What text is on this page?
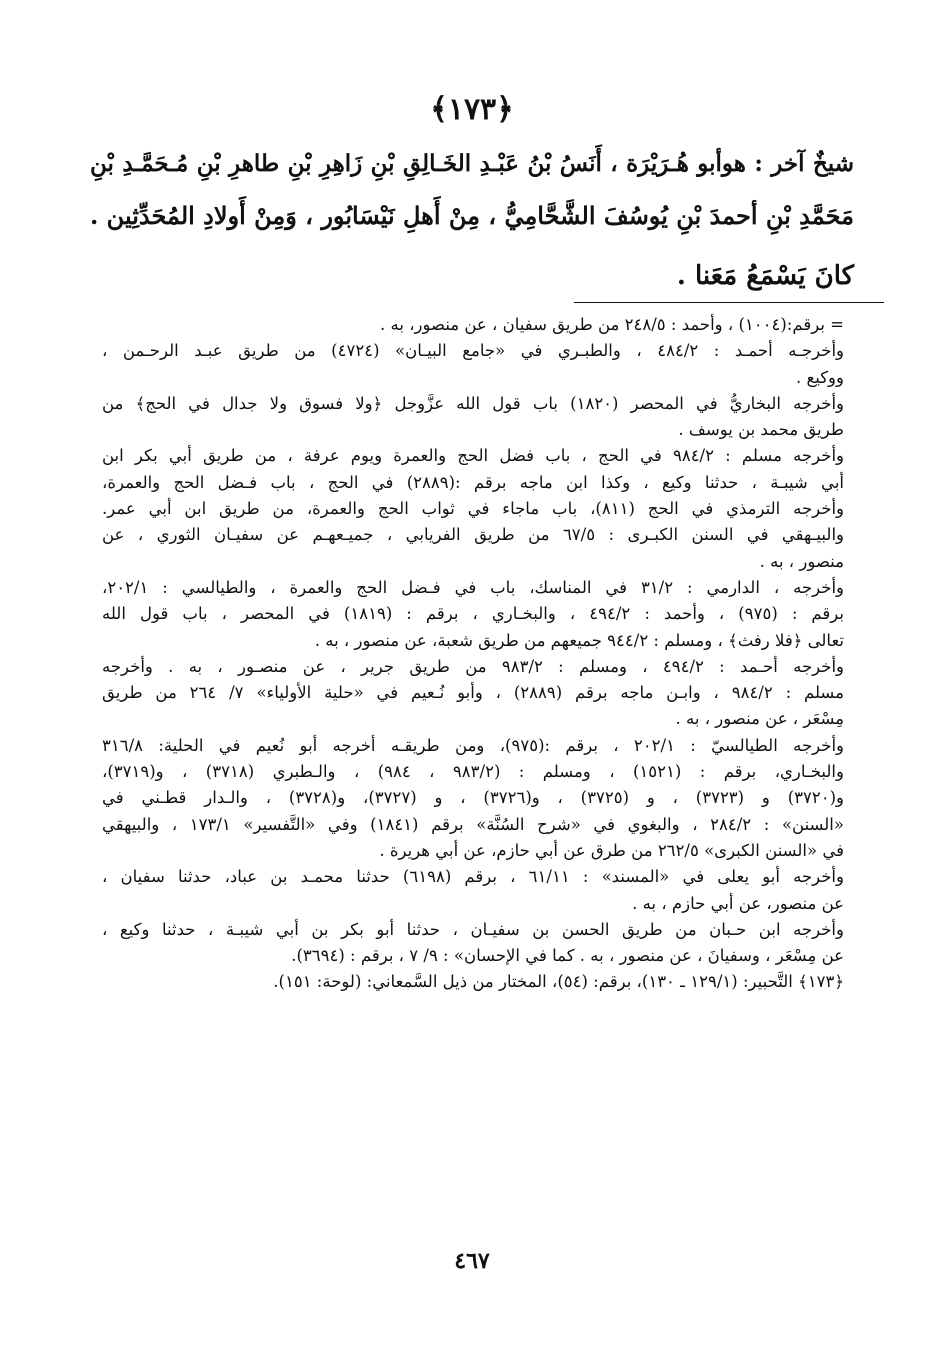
﴿١٧٣﴾
شيخٌ آخر : هوأبو هُـرَيْرَة ، أَنَسُ بْنُ عَبْـدِ الخَـالِقِ بْنِ زَاهِرِ بْنِ طاهرِ بْنِ مُـحَمَّـدِ بْنِ
مَحَمَّدِ بْنِ أحمدَ بْنِ يُوسُفَ الشَّحَّامِيُّ ، مِنْ أَهلِ نَيْسَابُور ، وَمِنْ أَولادِ المُحَدِّثِين .
كانَ يَسْمَعُ مَعَنا .
= برقم:(١٠٠٤) ، وأحمد : ٢٤٨/٥ من طريق سفيان ، عن منصور، به .
وأخرجـه أحمـد : ٤٨٤/٢ ، والطبـري في «جامع البيـان» (٤٧٢٤) من طريق عبـد الرحـمن ،
ووكيع .
وأخرجه البخاريُّ في المحصر (١٨٢٠) باب قول الله عزَّوجل ﴿ولا فسوق ولا جدال في الحج﴾ من
طريق محمد بن يوسف .
وأخرجه مسلم : ٩٨٤/٢ في الحج ، باب فضل الحج والعمرة ويوم عرفة ، من طريق أبي بكر ابن
أبي شيبـة ، حدثنا وكيع ، وكذا ابن ماجه برقم :(٢٨٨٩) في الحج ، باب فـضل الحج والعمرة،
وأخرجه الترمذي في الحج (٨١١)، باب ماجاء في ثواب الحج والعمرة، من طريق ابن أبي عمر.
والبيـهقي في السنن الكبـرى : ٦٧/٥ من طريق الفريابي ، جميـعهـم عن سفيـان الثوري ، عن
منصور ، به .
وأخرجه ، الدارمي : ٣١/٢ في المناسك، باب في فـضل الحج والعمرة ، والطيالسي : ٢٠٢/١،
برقم : (٩٧٥) ، وأحمد : ٤٩٤/٢ ، والبخـاري ، برقم : (١٨١٩) في المحصر ، باب قول الله
تعالى ﴿فلا رفث﴾ ، ومسلم : ٩٤٤/٢ جميعهم من طريق شعبة، عن منصور ، به .
وأخرجه أحـمد : ٤٩٤/٢ ، ومسلم : ٩٨٣/٢ من طريق جرير ، عن منصـور ، به . وأخرجه
مسلم : ٩٨٤/٢ ، وابـن ماجه برقم (٢٨٨٩) ، وأبو نُـعيم في «حلية الأولياء» ٧/ ٢٦٤ من طريق
مِسْعَر ، عن منصور ، به .
وأخرجه الطيالسيّ : ٢٠٢/١ ، برقم :(٩٧٥)، ومن طريقـه أخرجه أبو نُعيم في الحلية: ٣١٦/٨
والبخـاري، برقم : (١٥٢١) ، ومسلم : (٩٨٣/٢ ، ٩٨٤) ، والـطبري (٣٧١٨) ، و(٣٧١٩)،
و(٣٧٢٠) و (٣٧٢٣) ، و (٣٧٢٥) ، و(٣٧٢٦) ، و (٣٧٢٧)، و(٣٧٢٨) ، والـدار قطـني في
«السنن» : ٢٨٤/٢ ، والبغوي في «شرح السُنَّة» برقم (١٨٤١) وفي «التَّفسير» ١٧٣/١ ، والبيهقي
في «السنن الكبرى» ٢٦٢/٥ من طرق عن أبي حازم، عن أبي هريرة .
وأخرجه أبو يعلى في «المسند» : ٦١/١١ ، برقم (٦١٩٨) حدثنا محمـد بن عباد، حدثنا سفيان ،
عن منصور، عن أبي حازم ، به .
وأخرجه ابن حـبان من طريق الحسن بن سفيـان ، حدثنا أبو بكر بن أبي شيبـة ، حدثنا وكيع ،
عن مِسْعَر ، وسفيانَ ، عن منصور ، به . كما في الإحسان» : ٩/ ٧ ، برقم : (٣٦٩٤).
﴿١٧٣﴾ التَّحبير: (١٢٩/١ ـ ١٣٠)، برقم: (٥٤)، المختار من ذيل السَّمعاني: (لوحة: ١٥١).
٤٦٧
